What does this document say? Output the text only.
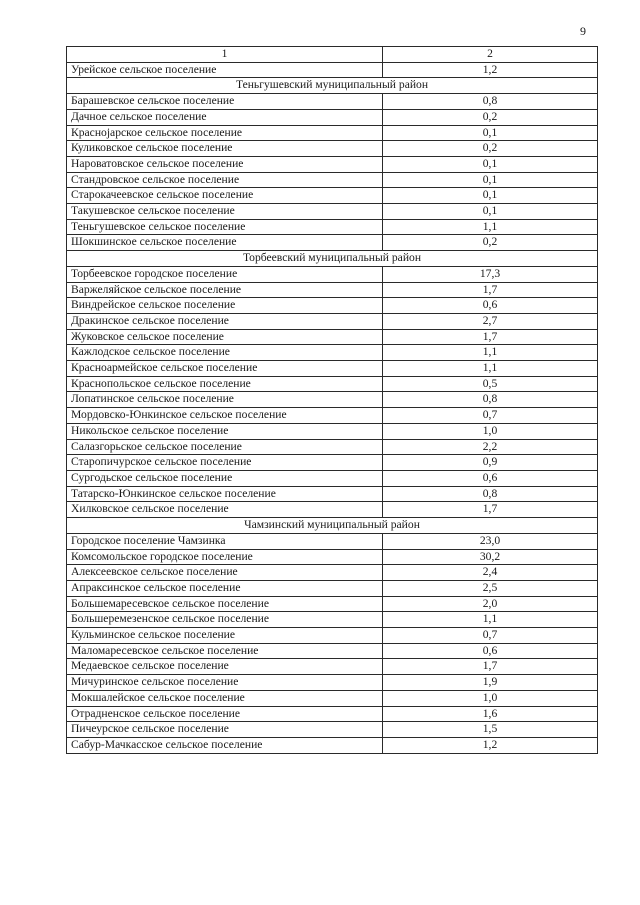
9
1	2
Урейское сельское поселение	1,2
Теньгушевский муниципальный район	
Барашевское сельское поселение	0,8
Дачное сельское поселение	0,2
Краснојарское сельское поселение	0,1
Куликовское сельское поселение	0,2
Нароватовское сельское поселение	0,1
Стандровское сельское поселение	0,1
Старокачеевское сельское поселение	0,1
Такушевское сельское поселение	0,1
Теньгушевское сельское поселение	1,1
Шокшинское сельское поселение	0,2
Торбеевский муниципальный район	
Торбеевское городское поселение	17,3
Варжеляйское сельское поселение	1,7
Виндрейское сельское поселение	0,6
Дракинское сельское поселение	2,7
Жуковское сельское поселение	1,7
Кажлодское сельское поселение	1,1
Красноармейское сельское поселение	1,1
Краснопольское сельское поселение	0,5
Лопатинское сельское поселение	0,8
Мордовско-Юнкинское сельское поселение	0,7
Никольское сельское поселение	1,0
Салазгорьское сельское поселение	2,2
Старопичурское сельское поселение	0,9
Сургодьское сельское поселение	0,6
Татарско-Юнкинское сельское поселение	0,8
Хилковское сельское поселение	1,7
Чамзинский муниципальный район	
Городское поселение Чамзинка	23,0
Комсомольское городское поселение	30,2
Алексеевское сельское поселение	2,4
Апраксинское сельское поселение	2,5
Большемаресевское сельское поселение	2,0
Большеремезенское сельское поселение	1,1
Кульминское сельское поселение	0,7
Маломаресевское сельское поселение	0,6
Медаевское сельское поселение	1,7
Мичуринское сельское поселение	1,9
Мокшалейское сельское поселение	1,0
Отрадненское сельское поселение	1,6
Пичеурское сельское поселение	1,5
Сабур-Мачкасское сельское поселение	1,2
